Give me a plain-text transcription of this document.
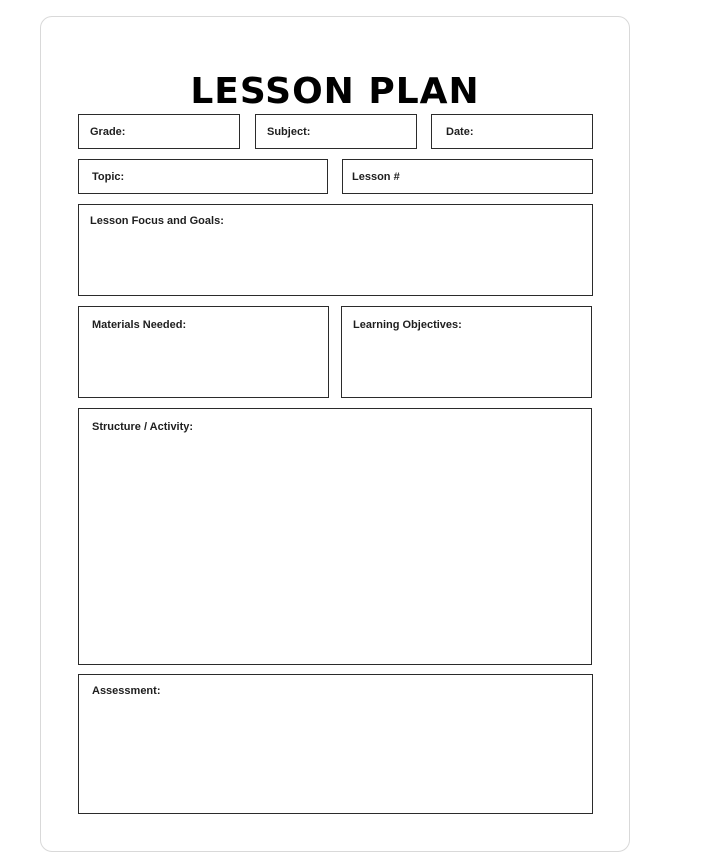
LESSON PLAN
Grade:	Subject:	Date:
Topic:	Lesson #
Lesson Focus and Goals:
Materials Needed:	Learning Objectives:
Structure / Activity:
Assessment:
